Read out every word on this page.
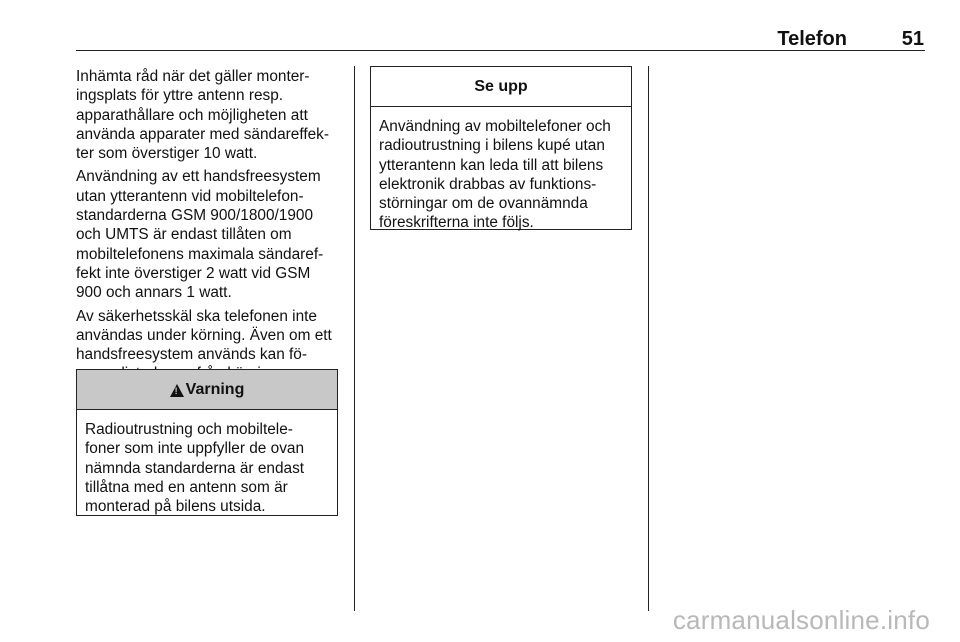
Telefon	51

Inhämta råd när det gäller monter-
ingsplats för yttre antenn resp.
apparathållare och möjligheten att
använda apparater med sändareffek-
ter som överstiger 10 watt.

Användning av ett handsfreesystem
utan ytterantenn vid mobiltelefon-
standarderna GSM 900/1800/1900
och UMTS är endast tillåten om
mobiltelefonens maximala sändaref-
fekt inte överstiger 2 watt vid GSM
900 och annars 1 watt.

Av säkerhetsskäl ska telefonen inte
användas under körning. Även om ett
handsfreesystem används kan fö-

!
Varning
Radioutrustning och mobiltele-
foner som inte uppfyller de ovan
nämnda standarderna är endast
tillåtna med en antenn som är
monterad på bilens utsida.
Se upp
Användning av mobiltelefoner och
radioutrustning i bilens kupé utan
ytterantenn kan leda till att bilens
elektronik drabbas av funktions-
störningar om de ovannämnda
föreskrifterna inte följs.
carmanualsonline.info
